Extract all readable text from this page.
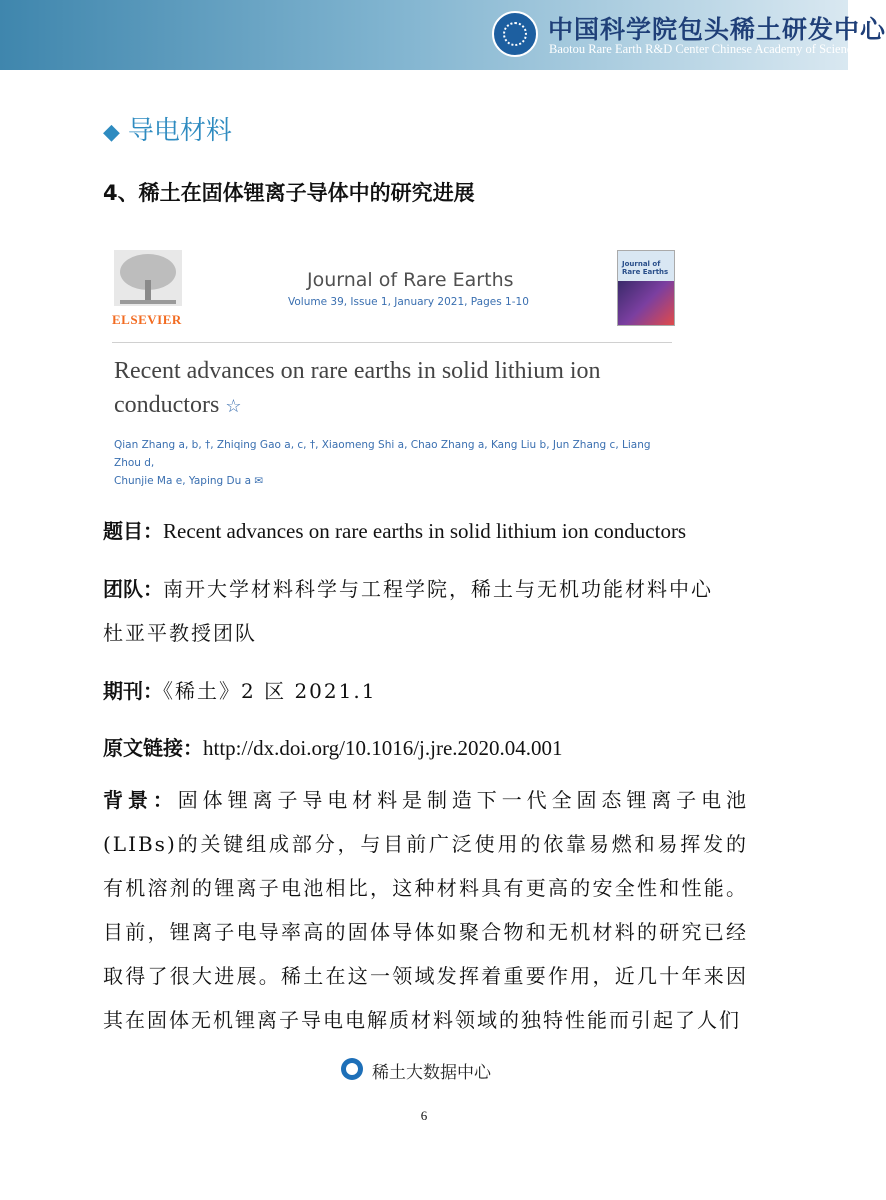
中国科学院包头稀土研发中心
Baotou Rare Earth R&D Center Chinese Academy of Sciences
◆ 导电材料
4、稀土在固体锂离子导体中的研究进展
ELSEVIER
Journal of Rare Earths
Volume 39, Issue 1, January 2021, Pages 1-10
Journal of Rare Earths
Recent advances on rare earths in solid lithium ion conductors ☆
Qian Zhang a, b, †, Zhiqing Gao a, c, †, Xiaomeng Shi a, Chao Zhang a, Kang Liu b, Jun Zhang c, Liang Zhou d,
Chunjie Ma e, Yaping Du a ✉
题目：Recent advances on rare earths in solid lithium ion conductors
团队：南开大学材料科学与工程学院，稀土与无机功能材料中心
杜亚平教授团队
期刊：《稀土》2 区 2021.1
原文链接：http://dx.doi.org/10.1016/j.jre.2020.04.001
背景：固体锂离子导电材料是制造下一代全固态锂离子电池(LIBs)的关键组成部分，与目前广泛使用的依靠易燃和易挥发的有机溶剂的锂离子电池相比，这种材料具有更高的安全性和性能。目前，锂离子电导率高的固体导体如聚合物和无机材料的研究已经取得了很大进展。稀土在这一领域发挥着重要作用，近几十年来因其在固体无机锂离子导电电解质材料领域的独特性能而引起了人们
稀土大数据中心
6
